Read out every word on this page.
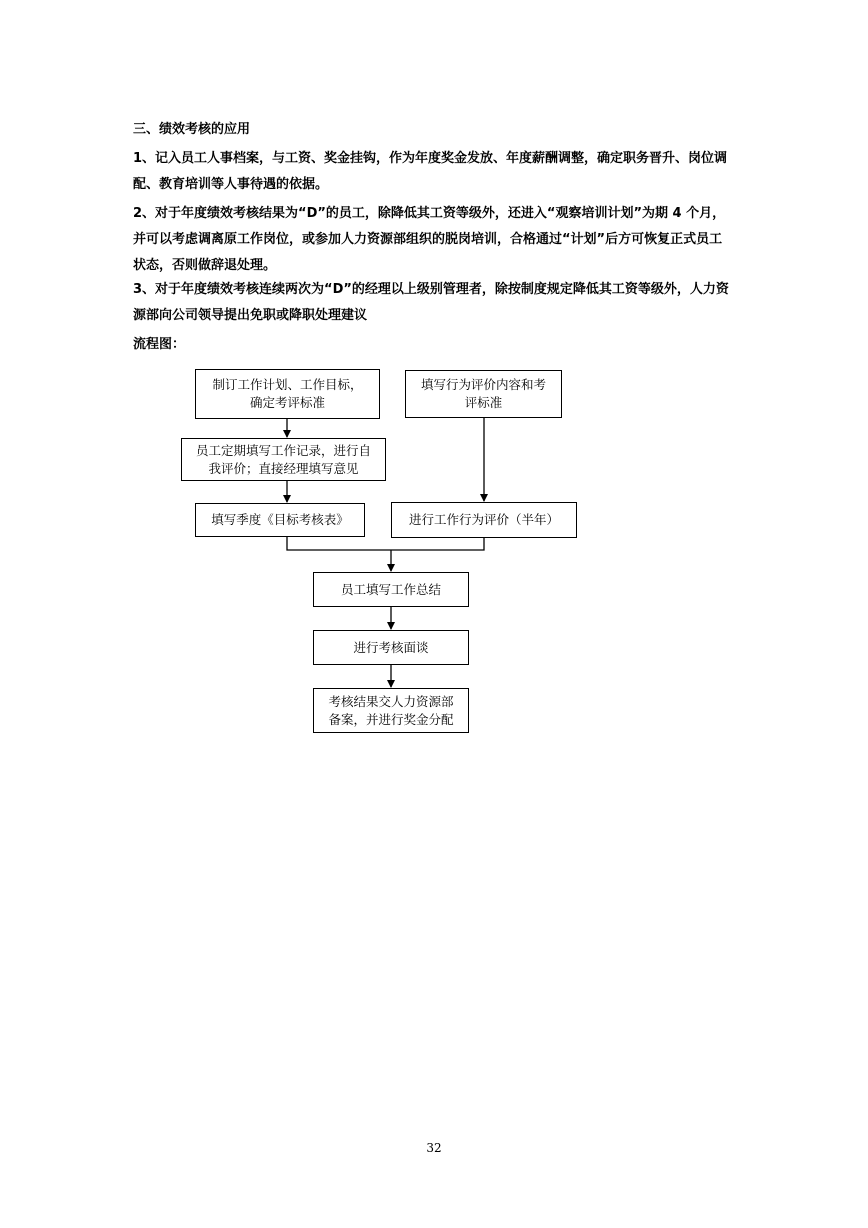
三、绩效考核的应用
1、记入员工人事档案，与工资、奖金挂钩，作为年度奖金发放、年度薪酬调整，确定职务晋升、岗位调
配、教育培训等人事待遇的依据。
2、对于年度绩效考核结果为“D”的员工，除降低其工资等级外，还进入“观察培训计划”为期 4 个月，
并可以考虑调离原工作岗位，或参加人力资源部组织的脱岗培训，合格通过“计划”后方可恢复正式员工
状态，否则做辞退处理。
3、对于年度绩效考核连续两次为“D”的经理以上级别管理者，除按制度规定降低其工资等级外，人力资
源部向公司领导提出免职或降职处理建议
流程图：
制订工作计划、工作目标，
确定考评标准
填写行为评价内容和考
评标准
员工定期填写工作记录，进行自
我评价；直接经理填写意见
填写季度《目标考核表》	进行工作行为评价（半年）
员工填写工作总结
进行考核面谈
考核结果交人力资源部
备案，并进行奖金分配
32
